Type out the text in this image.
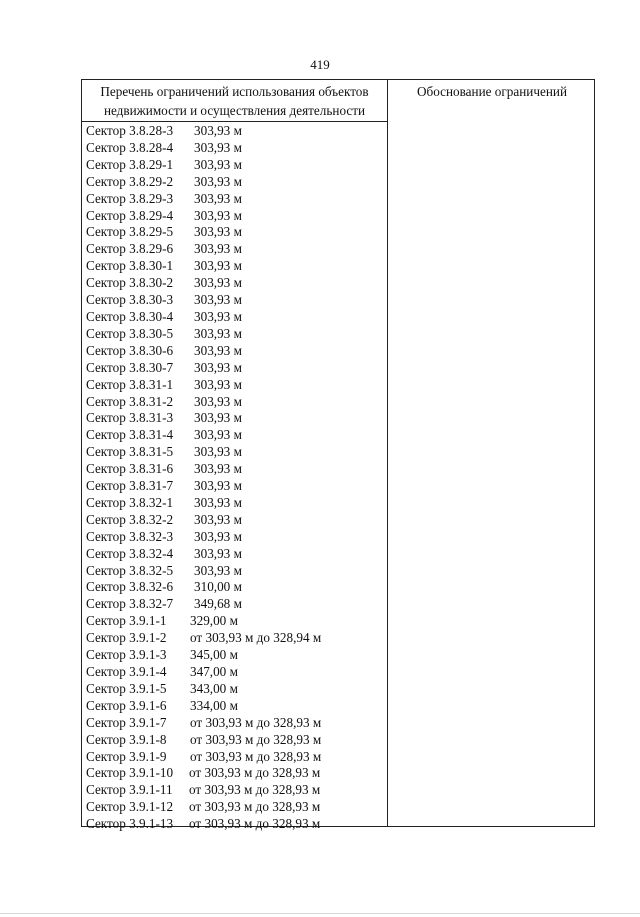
419
Перечень ограничений использования объектов
недвижимости и осуществления деятельности
Обоснование ограничений
Сектор 3.8.28-3	303,93 м
Сектор 3.8.28-4	303,93 м
Сектор 3.8.29-1	303,93 м
Сектор 3.8.29-2	303,93 м
Сектор 3.8.29-3	303,93 м
Сектор 3.8.29-4	303,93 м
Сектор 3.8.29-5	303,93 м
Сектор 3.8.29-6	303,93 м
Сектор 3.8.30-1	303,93 м
Сектор 3.8.30-2	303,93 м
Сектор 3.8.30-3	303,93 м
Сектор 3.8.30-4	303,93 м
Сектор 3.8.30-5	303,93 м
Сектор 3.8.30-6	303,93 м
Сектор 3.8.30-7	303,93 м
Сектор 3.8.31-1	303,93 м
Сектор 3.8.31-2	303,93 м
Сектор 3.8.31-3	303,93 м
Сектор 3.8.31-4	303,93 м
Сектор 3.8.31-5	303,93 м
Сектор 3.8.31-6	303,93 м
Сектор 3.8.31-7	303,93 м
Сектор 3.8.32-1	303,93 м
Сектор 3.8.32-2	303,93 м
Сектор 3.8.32-3	303,93 м
Сектор 3.8.32-4	303,93 м
Сектор 3.8.32-5	303,93 м
Сектор 3.8.32-6	310,00 м
Сектор 3.8.32-7	349,68 м
Сектор 3.9.1-1	329,00 м
Сектор 3.9.1-2	от 303,93 м до 328,94 м
Сектор 3.9.1-3	345,00 м
Сектор 3.9.1-4	347,00 м
Сектор 3.9.1-5	343,00 м
Сектор 3.9.1-6	334,00 м
Сектор 3.9.1-7	от 303,93 м до 328,93 м
Сектор 3.9.1-8	от 303,93 м до 328,93 м
Сектор 3.9.1-9	от 303,93 м до 328,93 м
Сектор 3.9.1-10	от 303,93 м до 328,93 м
Сектор 3.9.1-11	от 303,93 м до 328,93 м
Сектор 3.9.1-12	от 303,93 м до 328,93 м
Сектор 3.9.1-13	от 303,93 м до 328,93 м
